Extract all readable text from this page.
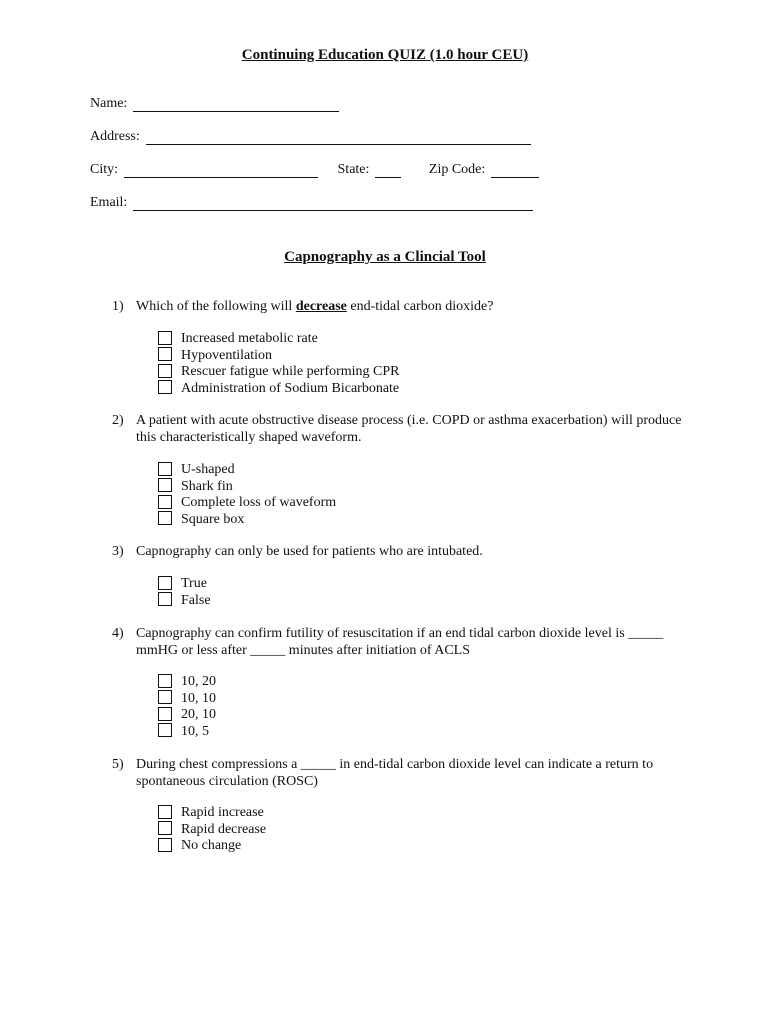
Continuing Education QUIZ (1.0 hour CEU)
Name:
Address:
City:	State:	Zip Code:
Email:
Capnography as a Clincial Tool
1) Which of the following will decrease end-tidal carbon dioxide?
Increased metabolic rate
Hypoventilation
Rescuer fatigue while performing CPR
Administration of Sodium Bicarbonate
2) A patient with acute obstructive disease process (i.e. COPD or asthma exacerbation) will produce this characteristically shaped waveform.
U-shaped
Shark fin
Complete loss of waveform
Square box
3) Capnography can only be used for patients who are intubated.
True
False
4) Capnography can confirm futility of resuscitation if an end tidal carbon dioxide level is _____ mmHG or less after _____ minutes after initiation of ACLS
10, 20
10, 10
20, 10
10, 5
5) During chest compressions a _____ in end-tidal carbon dioxide level can indicate a return to spontaneous circulation (ROSC)
Rapid increase
Rapid decrease
No change
